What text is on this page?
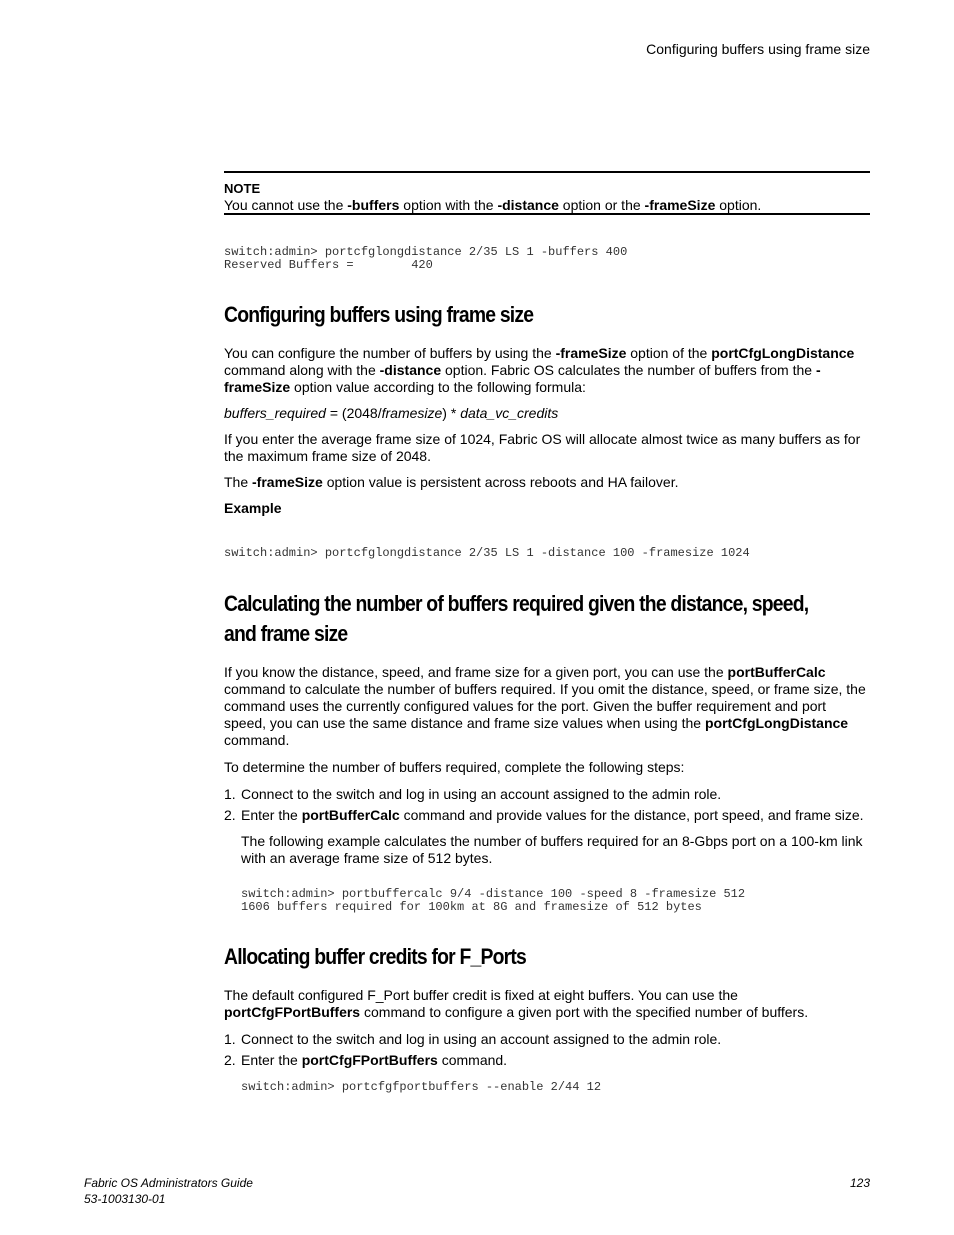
Configuring buffers using frame size
NOTE
You cannot use the -buffers option with the -distance option or the -frameSize option.
switch:admin> portcfglongdistance 2/35 LS 1 -buffers 400
Reserved Buffers =        420
Configuring buffers using frame size
You can configure the number of buffers by using the -frameSize option of the portCfgLongDistance command along with the -distance option. Fabric OS calculates the number of buffers from the -frameSize option value according to the following formula:
buffers_required = (2048/framesize) * data_vc_credits
If you enter the average frame size of 1024, Fabric OS will allocate almost twice as many buffers as for the maximum frame size of 2048.
The -frameSize option value is persistent across reboots and HA failover.
Example
switch:admin> portcfglongdistance 2/35 LS 1 -distance 100 -framesize 1024
Calculating the number of buffers required given the distance, speed,
and frame size
If you know the distance, speed, and frame size for a given port, you can use the portBufferCalc command to calculate the number of buffers required. If you omit the distance, speed, or frame size, the command uses the currently configured values for the port. Given the buffer requirement and port speed, you can use the same distance and frame size values when using the portCfgLongDistance command.
To determine the number of buffers required, complete the following steps:
1. Connect to the switch and log in using an account assigned to the admin role.
2. Enter the portBufferCalc command and provide values for the distance, port speed, and frame size.
The following example calculates the number of buffers required for an 8-Gbps port on a 100-km link with an average frame size of 512 bytes.
switch:admin> portbuffercalc 9/4 -distance 100 -speed 8 -framesize 512
1606 buffers required for 100km at 8G and framesize of 512 bytes
Allocating buffer credits for F_Ports
The default configured F_Port buffer credit is fixed at eight buffers. You can use the portCfgFPortBuffers command to configure a given port with the specified number of buffers.
1. Connect to the switch and log in using an account assigned to the admin role.
2. Enter the portCfgFPortBuffers command.
switch:admin> portcfgfportbuffers --enable 2/44 12
Fabric OS Administrators Guide
53-1003130-01
123
